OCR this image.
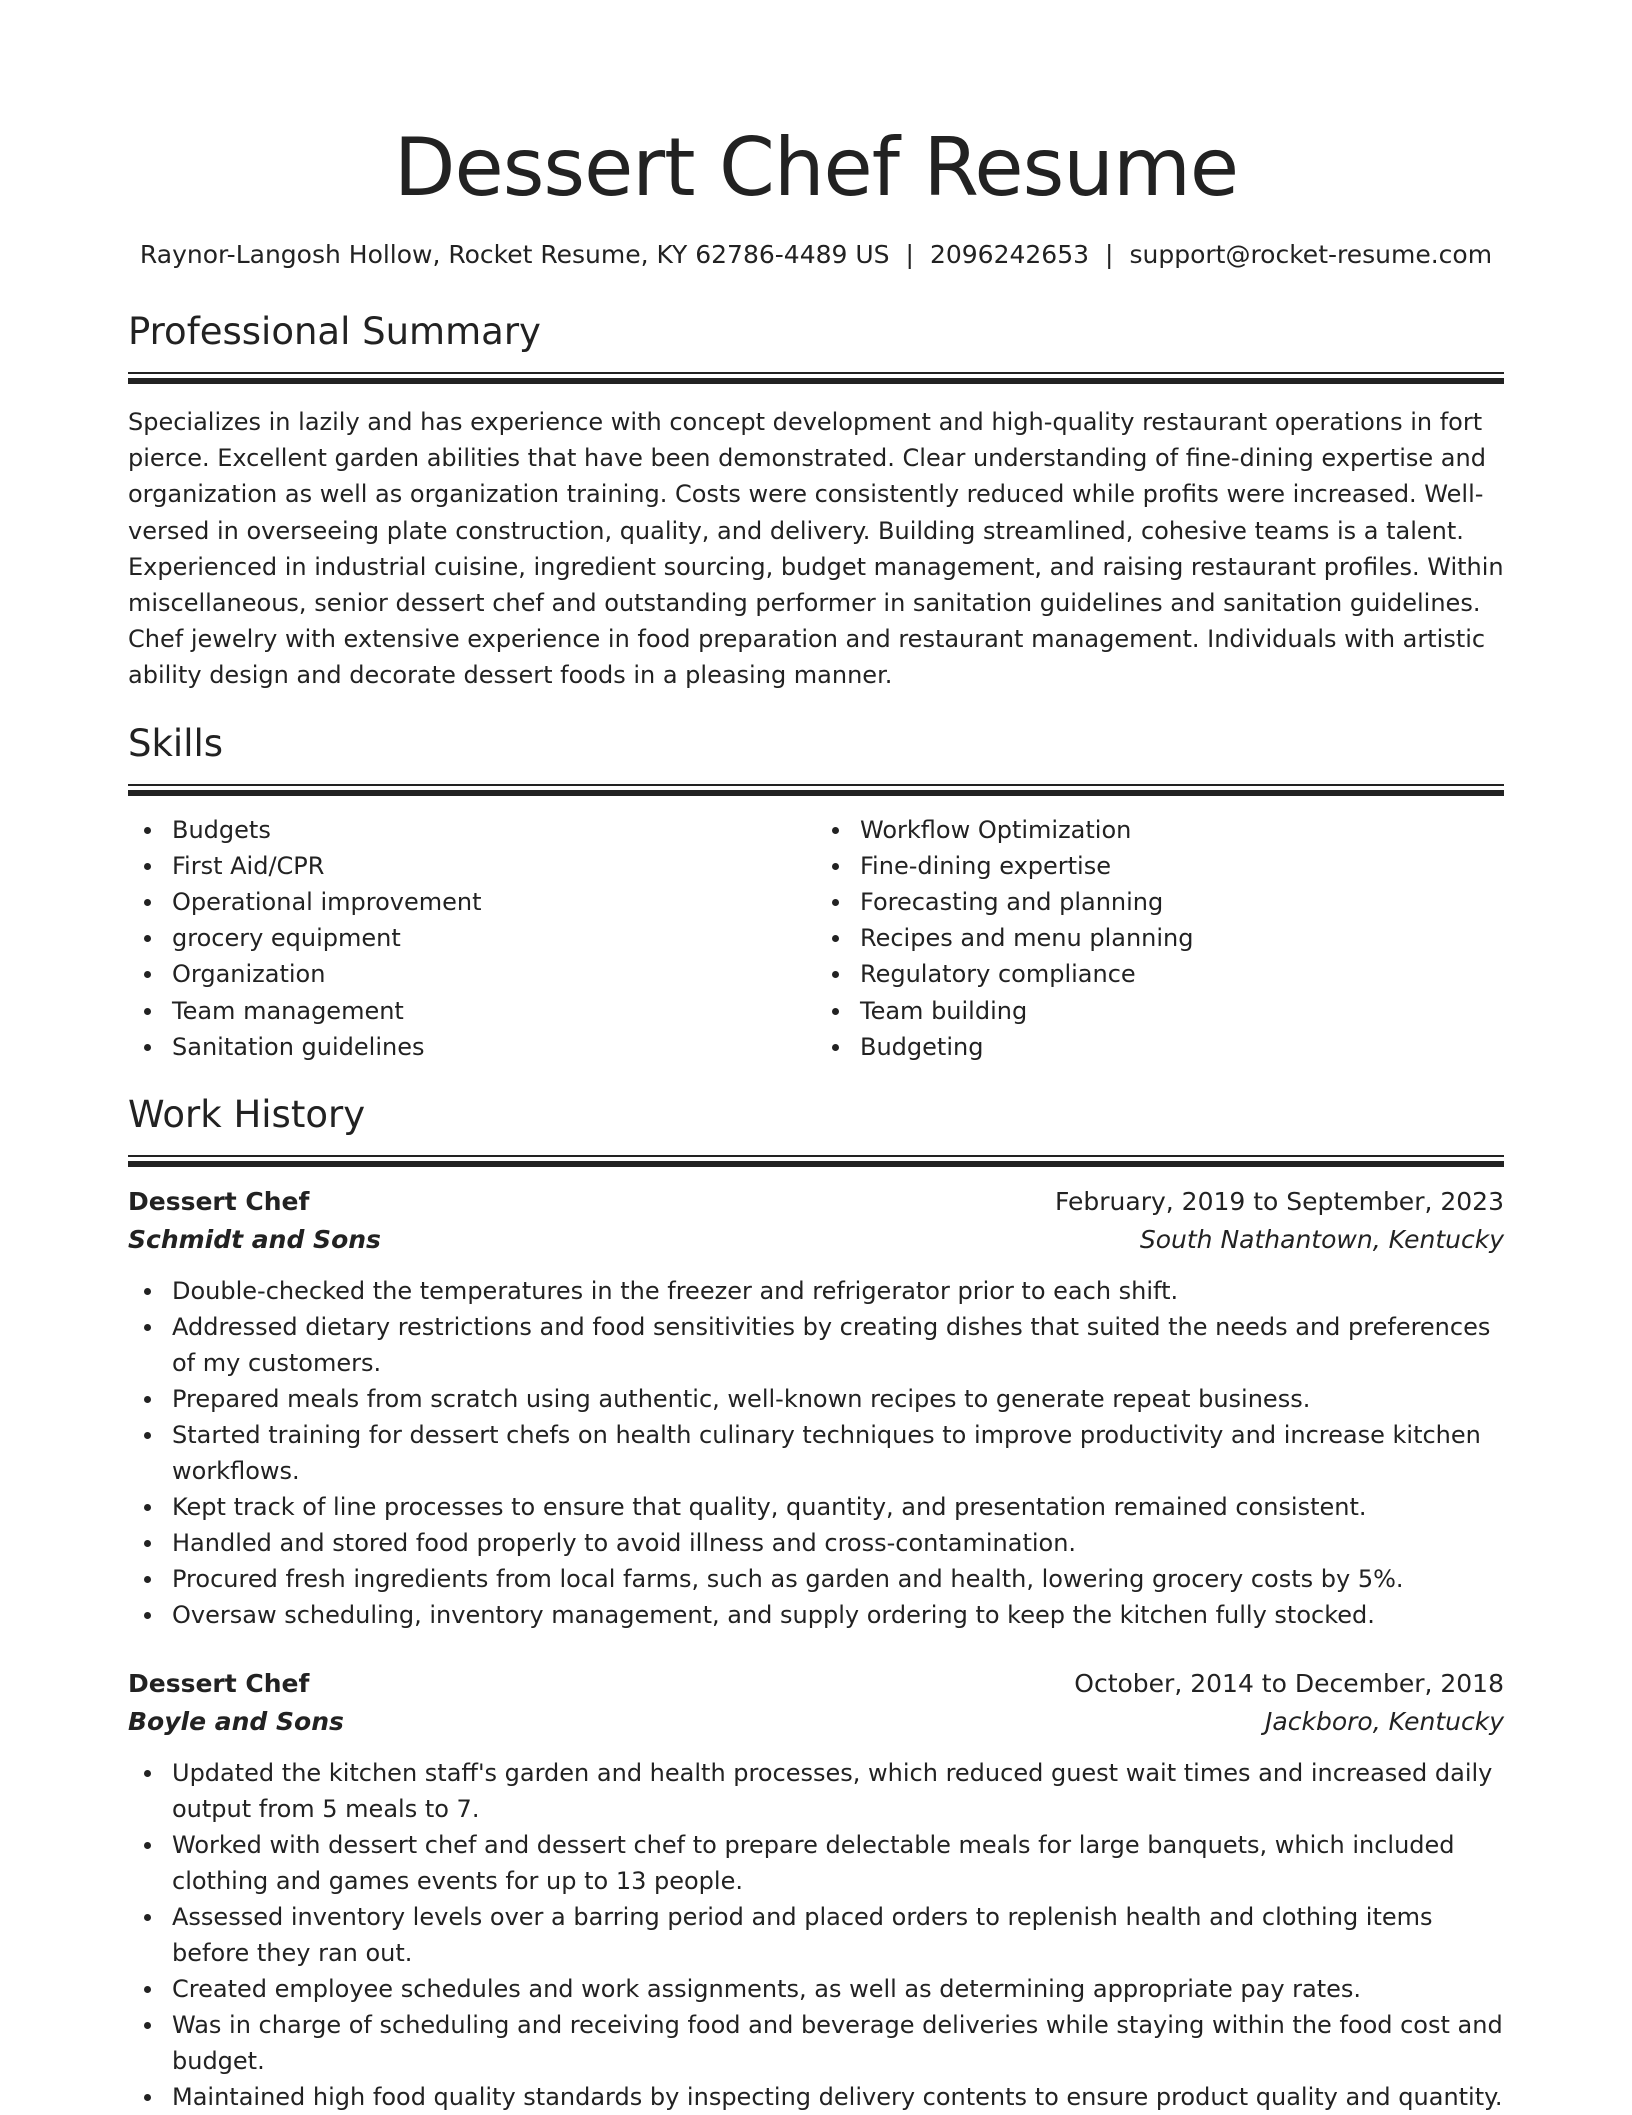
Dessert Chef Resume
Raynor-Langosh Hollow, Rocket Resume, KY 62786-4489 US | 2096242653 | support@rocket-resume.com
Professional Summary

Specializes in lazily and has experience with concept development and high-quality restaurant operations in fort pierce. Excellent garden abilities that have been demonstrated. Clear understanding of fine-dining expertise and organization as well as organization training. Costs were consistently reduced while profits were increased. Well-versed in overseeing plate construction, quality, and delivery. Building streamlined, cohesive teams is a talent. Experienced in industrial cuisine, ingredient sourcing, budget management, and raising restaurant profiles. Within miscellaneous, senior dessert chef and outstanding performer in sanitation guidelines and sanitation guidelines. Chef jewelry with extensive experience in food preparation and restaurant management. Individuals with artistic ability design and decorate dessert foods in a pleasing manner.

Skills
Budgets
First Aid/CPR
Operational improvement
grocery equipment
Organization
Team management
Sanitation guidelines
Workflow Optimization
Fine-dining expertise
Forecasting and planning
Recipes and menu planning
Regulatory compliance
Team building
Budgeting
Work History
Dessert Chef	February, 2019 to September, 2023
Schmidt and Sons	South Nathantown, Kentucky
Double-checked the temperatures in the freezer and refrigerator prior to each shift.
Addressed dietary restrictions and food sensitivities by creating dishes that suited the needs and preferences of my customers.
Prepared meals from scratch using authentic, well-known recipes to generate repeat business.
Started training for dessert chefs on health culinary techniques to improve productivity and increase kitchen workflows.
Kept track of line processes to ensure that quality, quantity, and presentation remained consistent.
Handled and stored food properly to avoid illness and cross-contamination.
Procured fresh ingredients from local farms, such as garden and health, lowering grocery costs by 5%.
Oversaw scheduling, inventory management, and supply ordering to keep the kitchen fully stocked.
Dessert Chef	October, 2014 to December, 2018
Boyle and Sons	Jackboro, Kentucky
Updated the kitchen staff's garden and health processes, which reduced guest wait times and increased daily output from 5 meals to 7.
Worked with dessert chef and dessert chef to prepare delectable meals for large banquets, which included clothing and games events for up to 13 people.
Assessed inventory levels over a barring period and placed orders to replenish health and clothing items before they ran out.
Created employee schedules and work assignments, as well as determining appropriate pay rates.
Was in charge of scheduling and receiving food and beverage deliveries while staying within the food cost and budget.
Maintained high food quality standards by inspecting delivery contents to ensure product quality and quantity.
